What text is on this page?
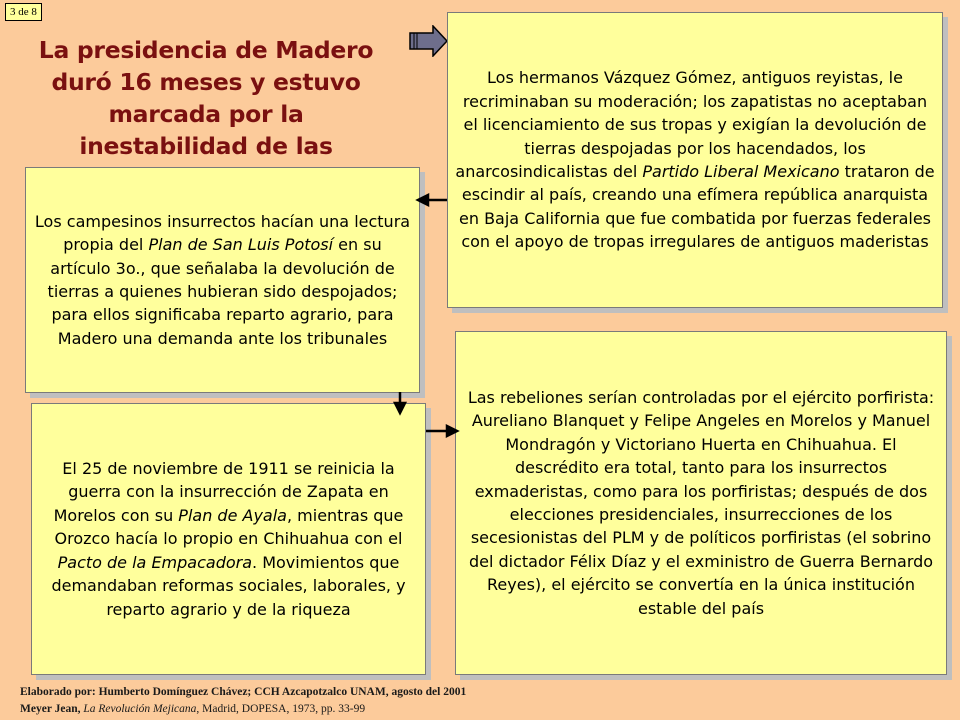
3 de 8
La presidencia de Madero duró 16 meses y estuvo marcada por la inestabilidad de las

Los hermanos Vázquez Gómez, antiguos reyistas, le recriminaban su moderación; los zapatistas no aceptaban el licenciamiento de sus tropas y exigían la devolución de tierras despojadas por los hacendados, los anarcosindicalistas del Partido Liberal Mexicano trataron de escindir al país, creando una efímera república anarquista en Baja California que fue combatida por fuerzas federales con el apoyo de tropas irregulares de antiguos maderistas

Los campesinos insurrectos hacían una lectura propia del Plan de San Luis Potosí en su artículo 3o., que señalaba la devolución de tierras a quienes hubieran sido despojados; para ellos significaba reparto agrario, para Madero una demanda ante los tribunales

El 25 de noviembre de 1911 se reinicia la guerra con la insurrección de Zapata en Morelos con su Plan de Ayala, mientras que Orozco hacía lo propio en Chihuahua con el Pacto de la Empacadora. Movimientos que demandaban reformas sociales, laborales, y reparto agrario y de la riqueza

Las rebeliones serían controladas por el ejército porfirista: Aureliano Blanquet y Felipe Angeles en Morelos y Manuel Mondragón y Victoriano Huerta en Chihuahua. El descrédito era total, tanto para los insurrectos exmaderistas, como para los porfiristas; después de dos elecciones presidenciales, insurrecciones de los secesionistas del PLM y de políticos porfiristas (el sobrino del dictador Félix Díaz y el exministro de Guerra Bernardo Reyes), el ejército se convertía en la única institución estable del país

Elaborado por: Humberto Domínguez Chávez; CCH Azcapotzalco UNAM, agosto del 2001
Meyer Jean, La Revolución Mejicana, Madrid, DOPESA, 1973, pp. 33-99
